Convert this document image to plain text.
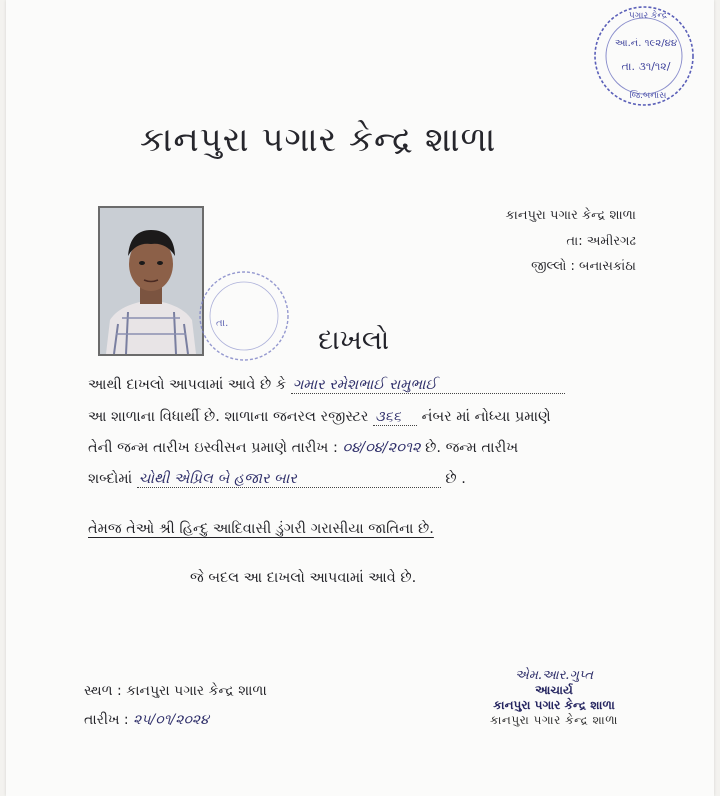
પગાર કેન્દ્ર
આ.નં. ૧૯૨/૪૪
તા. ૩૧/૧૨/
જિ.બનાસ
કાનપુરા પગાર કેન્દ્ર શાળા
કાનપુરા પગાર કેન્દ્ર શાળા
તા: અમીરગઢ
જીલ્લો : બનાસકાંઠા
તા.
દાખલો
આથી દાખલો આપવામાં આવે છે કે ગમાર રમેશભાઈ રામુભાઈ
આ શાળાના વિધાર્થી છે. શાળાના જનરલ રજીસ્ટર ૩૬૬ નંબર માં નોધ્યા પ્રમાણે
તેની જન્મ તારીખ ઇસ્વીસન પ્રમાણે તારીખ : ૦૪/૦૪/૨૦૧૨ છે. જન્મ તારીખ
શબ્દોમાં ચોથી એપ્રિલ બે હજાર બાર	છે .
તેમજ તેઓ શ્રી હિન્દુ આદિવાસી ડુંગરી ગરાસીયા જાતિના છે.
જે બદલ આ દાખલો આપવામાં આવે છે.
સ્થળ : કાનપુરા પગાર કેન્દ્ર શાળા
તારીખ : ૨૫/૦૧/૨૦૨૪
એમ.આર.ગુપ્ત
આચાર્ય
કાનપુરા પગાર કેન્દ્ર શાળા
કાનપુરા પગાર કેન્દ્ર શાળા
